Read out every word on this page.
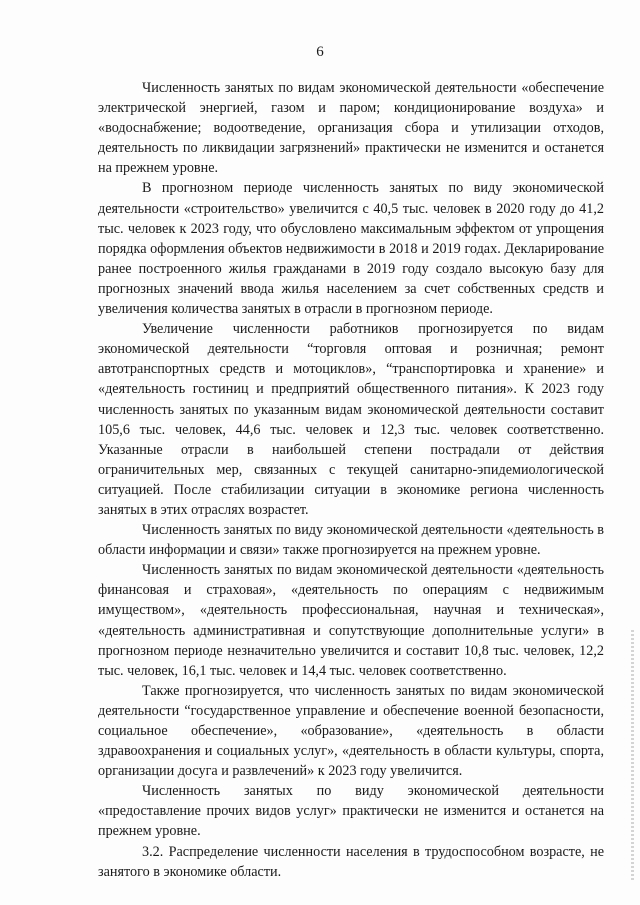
6

Численность занятых по видам экономической деятельности «обеспечение электрической энергией, газом и паром; кондиционирование воздуха» и «водоснабжение; водоотведение, организация сбора и утилизации отходов, деятельность по ликвидации загрязнений» практически не изменится и останется на прежнем уровне.

В прогнозном периоде численность занятых по виду экономической деятельности «строительство» увеличится с 40,5 тыс. человек в 2020 году до 41,2 тыс. человек к 2023 году, что обусловлено максимальным эффектом от упрощения порядка оформления объектов недвижимости в 2018 и 2019 годах. Декларирование ранее построенного жилья гражданами в 2019 году создало высокую базу для прогнозных значений ввода жилья населением за счет собственных средств и увеличения количества занятых в отрасли в прогнозном периоде.

Увеличение численности работников прогнозируется по видам экономической деятельности “торговля оптовая и розничная; ремонт автотранспортных средств и мотоциклов», “транспортировка и хранение» и «деятельность гостиниц и предприятий общественного питания». К 2023 году численность занятых по указанным видам экономической деятельности составит 105,6 тыс. человек, 44,6 тыс. человек и 12,3 тыс. человек соответственно. Указанные отрасли в наибольшей степени пострадали от действия ограничительных мер, связанных с текущей санитарно-эпидемиологической ситуацией. После стабилизации ситуации в экономике региона численность занятых в этих отраслях возрастет.

Численность занятых по виду экономической деятельности «деятельность в области информации и связи» также прогнозируется на прежнем уровне.

Численность занятых по видам экономической деятельности «деятельность финансовая и страховая», «деятельность по операциям с недвижимым имуществом», «деятельность профессиональная, научная и техническая», «деятельность административная и сопутствующие дополнительные услуги» в прогнозном периоде незначительно увеличится и составит 10,8 тыс. человек, 12,2 тыс. человек, 16,1 тыс. человек и 14,4 тыс. человек соответственно.

Также прогнозируется, что численность занятых по видам экономической деятельности “государственное управление и обеспечение военной безопасности, социальное обеспечение», «образование», «деятельность в области здравоохранения и социальных услуг», «деятельность в области культуры, спорта, организации досуга и развлечений» к 2023 году увеличится.

Численность занятых по виду экономической деятельности «предоставление прочих видов услуг» практически не изменится и останется на прежнем уровне.

3.2. Распределение численности населения в трудоспособном возрасте, не занятого в экономике области.
